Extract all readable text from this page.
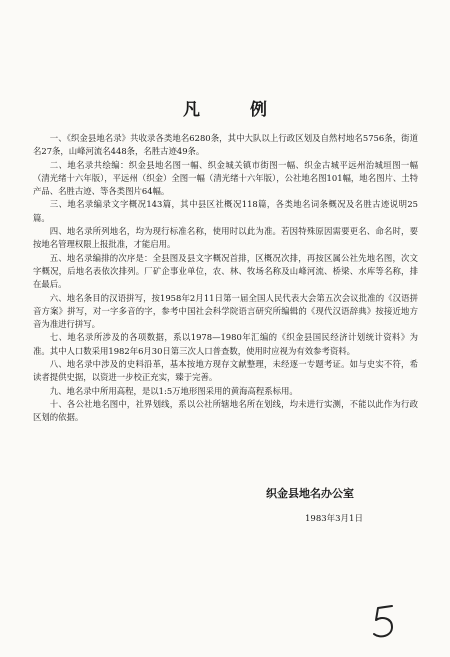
凡 例

一、《织金县地名录》共收录各类地名6280条，其中大队以上行政区划及自然村地名5756条，街道名27条，山峰河流名448条，名胜古迹49条。

二、地名录共绘编：织金县地名图一幅、织金城关镇市街图一幅、织金古城平远州治城垣图一幅（清光绪十六年版），平远州（织金）全图一幅（清光绪十六年版），公社地名图101幅，地名图片、土特产品、名胜古迹、等各类图片64幅。

三、地名录编录文字概况143篇，其中县区社概况118篇，各类地名词条概况及名胜古迹说明25篇。

四、地名录所列地名，均为现行标准名称，使用时以此为准。若因特殊原因需要更名、命名时，要按地名管理权限上报批准，才能启用。

五、地名录编排的次序是：全县图及县文字概况首排，区概况次排，再按区属公社先地名图，次文字概况，后地名表依次排列。厂矿企事业单位，农、林、牧场名称及山峰河流、桥梁、水库等名称，排在最后。

六、地名条目的汉语拼写，按1958年2月11日第一届全国人民代表大会第五次会议批准的《汉语拼音方案》拼写，对一字多音的字，参考中国社会科学院语言研究所编辑的《现代汉语辞典》按接近地方音为准进行拼写。

七、地名录所涉及的各项数据，系以1978—1980年汇编的《织金县国民经济计划统计资料》为准。其中人口数采用1982年6月30日第三次人口普查数，使用时应视为有效参考资料。

八、地名录中涉及的史料沿革，基本按地方现存文献整理，未经逐一专题考证。如与史实不符，希读者提供史据，以资进一步校正充实，臻于完善。

九、地名录中所用高程，是以1:5万地形图采用的黄海高程系标用。

十、各公社地名图中，社界划线，系以公社所辖地名所在划线，均未进行实测，不能以此作为行政区划的依据。

织金县地名办公室
1983年3月1日
